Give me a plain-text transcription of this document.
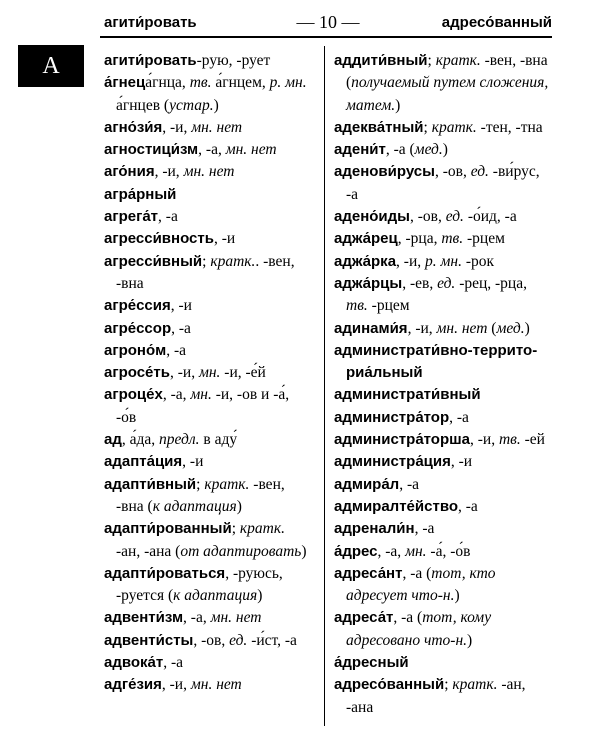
агити́ровать	— 10 —	адресо́ванный
А	агити́ровать-рую, -рует
а́гнеца́гнца, тв. а́гнцем, р. мн. а́гнцев (устар.)
агно́зи́я, -и, мн. нет
агностици́зм, -а, мн. нет
аго́ния, -и, мн. нет
агра́рный
агрега́т, -а
агресси́вность, -и
агресси́вный; кратк.. -вен, -вна
агре́ссия, -и
агре́ссор, -а
агроно́м, -а
агросе́ть, -и, мн. -и, -е́й
агроце́х, -а, мн. -и, -ов и -а́, -о́в
ад, а́да, предл. в аду́
адапта́ция, -и
адапти́вный; кратк. -вен, -вна (к адаптация)
адапти́рованный; кратк. -ан, -ана (от адаптировать)
адапти́роваться, -руюсь, -руется (к адаптация)
адвенти́зм, -а, мн. нет
адвенти́сты, -ов, ед. -и́ст, -а
адвока́т, -а
адге́зия, -и, мн. нет
аддити́вный; кратк. -вен, -вна (получаемый путем сложения, матем.)
адеква́тный; кратк. -тен, -тна
адени́т, -а (мед.)
аденови́русы, -ов, ед. -ви́рус, -а
адено́иды, -ов, ед. -о́ид, -а
аджа́рец, -рца, тв. -рцем
аджа́рка, -и, р. мн. -рок
аджа́рцы, -ев, ед. -рец, -рца, тв. -рцем
адинами́я, -и, мн. нет (мед.)
администрати́вно-территориа́льный
администрати́вный
администра́тор, -а
администра́торша, -и, тв. -ей
администра́ция, -и
адмира́л, -а
адмиралте́йство, -а
адренали́н, -а
а́дрес, -а, мн. -а́, -о́в
адреса́нт, -а (тот, кто адресует что-н.)
адреса́т, -а (тот, кому адресовано что-н.)
а́дресный
адресо́ванный; кратк. -ан, -ана
